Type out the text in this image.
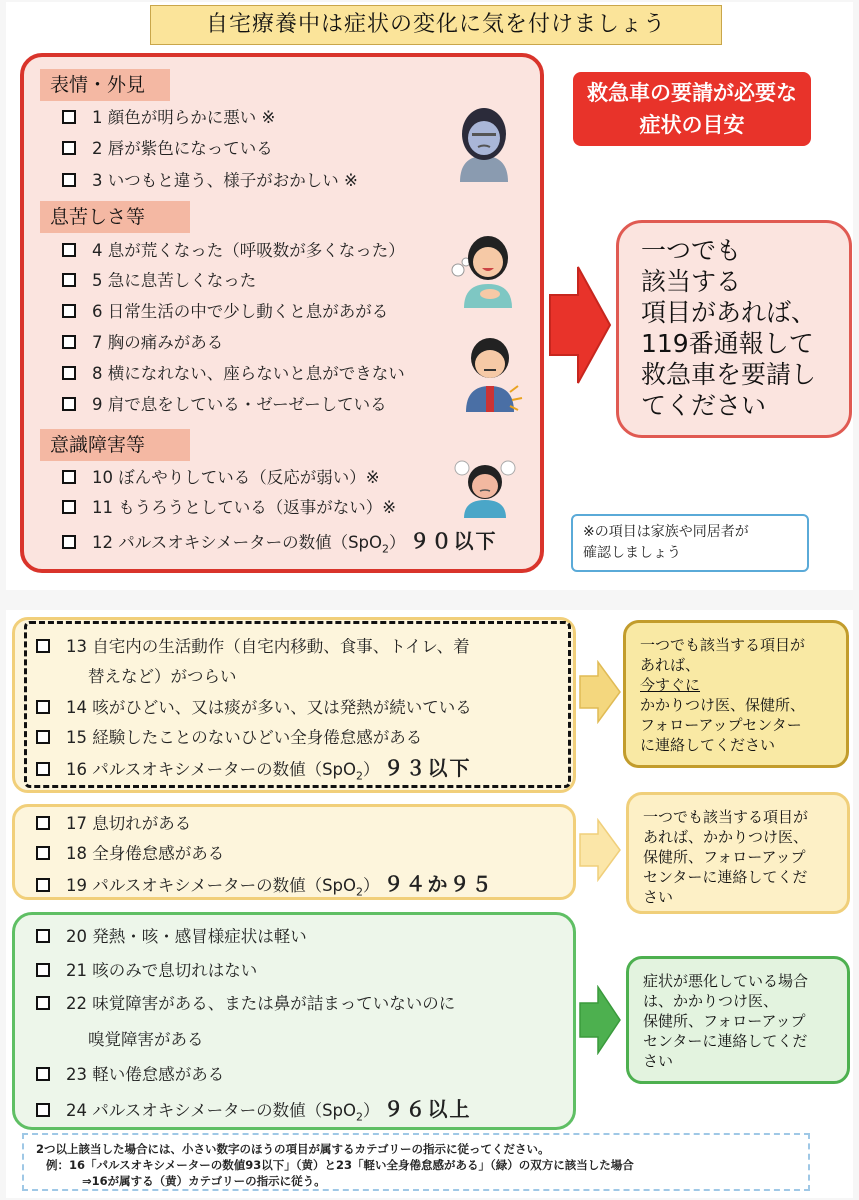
自宅療養中は症状の変化に気を付けましょう
表情・外見
1 顔色が明らかに悪い ※
2 唇が紫色になっている
3 いつもと違う、様子がおかしい ※
息苦しさ等
4 息が荒くなった（呼吸数が多くなった）
5 急に息苦しくなった
6 日常生活の中で少し動くと息があがる
7 胸の痛みがある
8 横になれない、座らないと息ができない
9 肩で息をしている・ゼーゼーしている
意識障害等
10 ぼんやりしている（反応が弱い）※
11 もうろうとしている（返事がない）※
12 パルスオキシメーターの数値（SpO$_2$） ９０以下
救急車の要請が必要な
症状の目安
一つでも
該当する
項目があれば、
119番通報して
救急車を要請し
てください
※の項目は家族や同居者が
確認しましょう
13 自宅内の生活動作（自宅内移動、食事、トイレ、着
替えなど）がつらい
14 咳がひどい、又は痰が多い、又は発熱が続いている
15 経験したことのないひどい全身倦怠感がある
16 パルスオキシメーターの数値（SpO$_2$） ９３以下
一つでも該当する項目が
あれば、
今すぐに
かかりつけ医、保健所、
フォローアップセンター
に連絡してください
17 息切れがある
18 全身倦怠感がある
19 パルスオキシメーターの数値（SpO$_2$） ９４か９５
一つでも該当する項目が
あれば、かかりつけ医、
保健所、フォローアップ
センターに連絡してくだ
さい
20 発熱・咳・感冒様症状は軽い
21 咳のみで息切れはない
22 味覚障害がある、または鼻が詰まっていないのに
嗅覚障害がある
23 軽い倦怠感がある
24 パルスオキシメーターの数値（SpO$_2$） ９６以上
症状が悪化している場合
は、かかりつけ医、
保健所、フォローアップ
センターに連絡してくだ
さい
2つ以上該当した場合には、小さい数字のほうの項目が属するカテゴリーの指示に従ってください。
例：16「パルスオキシメーターの数値93以下」（黄）と23「軽い全身倦怠感がある」（緑）の双方に該当した場合
⇒16が属する（黄）カテゴリーの指示に従う。
